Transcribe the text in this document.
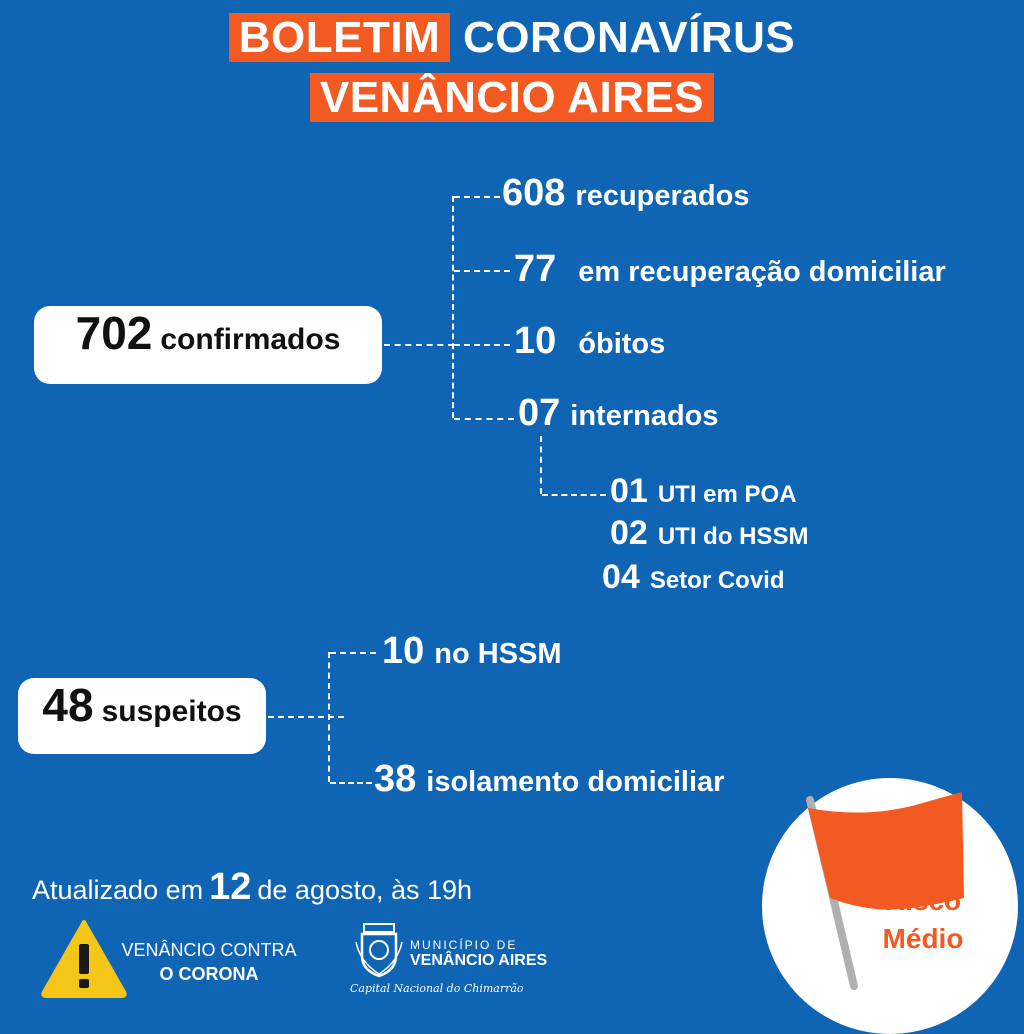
BOLETIM CORONAVÍRUS
VENÂNCIO AIRES
702 confirmados
608 recuperados
77 em recuperação domiciliar
10 óbitos
07 internados
01 UTI em POA
02 UTI do HSSM
04 Setor Covid
48 suspeitos
10 no HSSM
38 isolamento domiciliar
Atualizado em 12 de agosto, às 19h
VENÂNCIO CONTRA
O CORONA
MUNICÍPIO DE
VENÂNCIO AIRES
Capital Nacional do Chimarrão
Risco
Médio
